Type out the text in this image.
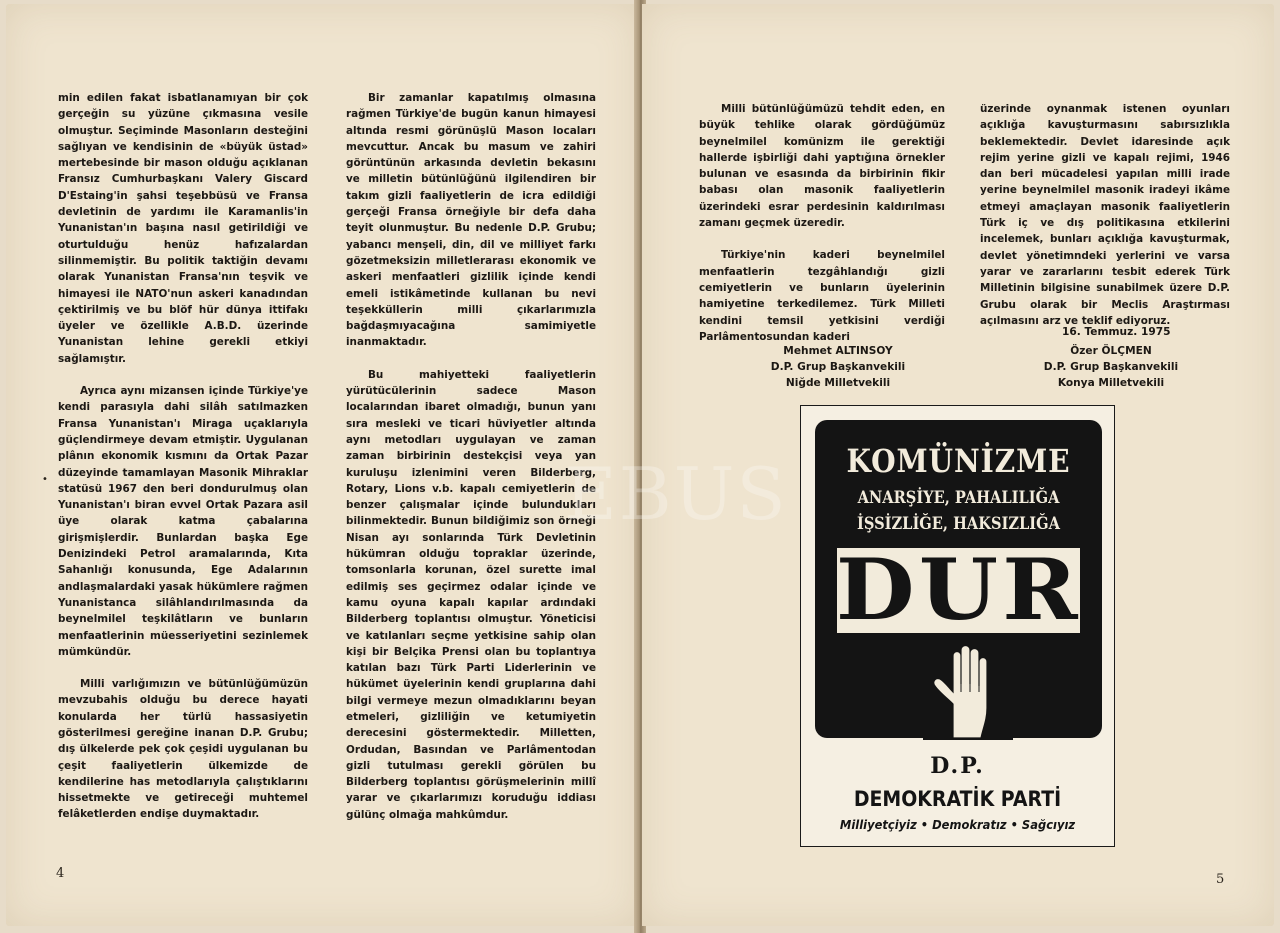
min edilen fakat isbatlanamıyan bir çok gerçeğin su yüzüne çıkmasına vesile olmuştur. Seçiminde Masonların desteğini sağlıyan ve kendisinin de «büyük üstad» mertebesinde bir mason olduğu açıklanan Fransız Cumhurbaşkanı Valery Giscard D'Estaing'in şahsi teşebbüsü ve Fransa devletinin de yardımı ile Karamanlis'in Yunanistan'ın başına nasıl getirildiği ve oturtulduğu henüz hafızalardan silinmemiştir. Bu politik taktiğin devamı olarak Yunanistan Fransa'nın teşvik ve himayesi ile NATO'nun askeri kanadından çektirilmiş ve bu blöf hür dünya ittifakı üyeler ve özellikle A.B.D. üzerinde Yunanistan lehine gerekli etkiyi sağlamıştır.

Ayrıca aynı mizansen içinde Türkiye'ye kendi parasıyla dahi silâh satılmazken Fransa Yunanistan'ı Miraga uçaklarıyla güçlendirmeye devam etmiştir. Uygulanan plânın ekonomik kısmını da Ortak Pazar düzeyinde tamamlayan Masonik Mihraklar statüsü 1967 den beri dondurulmuş olan Yunanistan'ı biran evvel Ortak Pazara asil üye olarak katma çabalarına girişmişlerdir. Bunlardan başka Ege Denizindeki Petrol aramalarında, Kıta Sahanlığı konusunda, Ege Adalarının andlaşmalardaki yasak hükümlere rağmen Yunanistanca silâhlandırılmasında da beynelmilel teşkilâtların ve bunların menfaatlerinin müesseriyetini sezinlemek mümkündür.

Milli varlığımızın ve bütünlüğümüzün mevzubahis olduğu bu derece hayati konularda her türlü hassasiyetin gösterilmesi gereğine inanan D.P. Grubu; dış ülkelerde pek çok çeşidi uygulanan bu çeşit faaliyetlerin ülkemizde de kendilerine has metodlarıyla çalıştıklarını hissetmekte ve getireceği muhtemel felâketlerden endişe duymaktadır.

Bir zamanlar kapatılmış olmasına rağmen Türkiye'de bugün kanun himayesi altında resmi görünüşlü Mason locaları mevcuttur. Ancak bu masum ve zahiri görüntünün arkasında devletin bekasını ve milletin bütünlüğünü ilgilendiren bir takım gizli faaliyetlerin de icra edildiği gerçeği Fransa örneğiyle bir defa daha teyit olunmuştur. Bu nedenle D.P. Grubu; yabancı menşeli, din, dil ve milliyet farkı gözetmeksizin milletlerarası ekonomik ve askeri menfaatleri gizlilik içinde kendi emeli istikâmetinde kullanan bu nevi teşekküllerin milli çıkarlarımızla bağdaşmıyacağına samimiyetle inanmaktadır.

Bu mahiyetteki faaliyetlerin yürütücülerinin sadece Mason localarından ibaret olmadığı, bunun yanı sıra mesleki ve ticari hüviyetler altında aynı metodları uygulayan ve zaman zaman birbirinin destekçisi veya yan kuruluşu izlenimini veren Bilderberg, Rotary, Lions v.b. kapalı cemiyetlerin de benzer çalışmalar içinde bulundukları bilinmektedir. Bunun bildiğimiz son örneği Nisan ayı sonlarında Türk Devletinin hükümran olduğu topraklar üzerinde, tomsonlarla korunan, özel surette imal edilmiş ses geçirmez odalar içinde ve kamu oyuna kapalı kapılar ardındaki Bilderberg toplantısı olmuştur. Yöneticisi ve katılanları seçme yetkisine sahip olan kişi bir Belçika Prensi olan bu toplantıya katılan bazı Türk Parti Liderlerinin ve hükümet üyelerinin kendi gruplarına dahi bilgi vermeye mezun olmadıklarını beyan etmeleri, gizliliğin ve ketumiyetin derecesini göstermektedir. Milletten, Ordudan, Basından ve Parlâmentodan gizli tutulması gerekli görülen bu Bilderberg toplantısı görüşmelerinin millî yarar ve çıkarlarımızı koruduğu iddiası gülünç olmağa mahkûmdur.

•
4

Milli bütünlüğümüzü tehdit eden, en büyük tehlike olarak gördüğümüz beynelmilel komünizm ile gerektiği hallerde işbirliği dahi yaptığına örnekler bulunan ve esasında da birbirinin fikir babası olan masonik faaliyetlerin üzerindeki esrar perdesinin kaldırılması zamanı geçmek üzeredir.

Türkiye'nin kaderi beynelmilel menfaatlerin tezgâhlandığı gizli cemiyetlerin ve bunların üyelerinin hamiyetine terkedilemez. Türk Milleti kendini temsil yetkisini verdiği Parlâmentosundan kaderi

üzerinde oynanmak istenen oyunları açıklığa kavuşturmasını sabırsızlıkla beklemektedir. Devlet idaresinde açık rejim yerine gizli ve kapalı rejimi, 1946 dan beri mücadelesi yapılan milli irade yerine beynelmilel masonik iradeyi ikâme etmeyi amaçlayan masonik faaliyetlerin Türk iç ve dış politikasına etkilerini incelemek, bunları açıklığa kavuşturmak, devlet yönetimndeki yerlerini ve varsa yarar ve zararlarını tesbit ederek Türk Milletinin bilgisine sunabilmek üzere D.P. Grubu olarak bir Meclis Araştırması açılmasını arz ve teklif ediyoruz.

16. Temmuz. 1975
Mehmet ALTINSOY
D.P. Grup Başkanvekili
Niğde Milletvekili
Özer ÖLÇMEN
D.P. Grup Başkanvekili
Konya Milletvekili
KOMÜNİZME
ANARŞİYE, PAHALILIĞA
İŞSİZLİĞE, HAKSIZLIĞA
DUR
D.P.
DEMOKRATİK PARTİ
Milliyetçiyiz • Demokratız • Sağcıyız
5
EBUS
